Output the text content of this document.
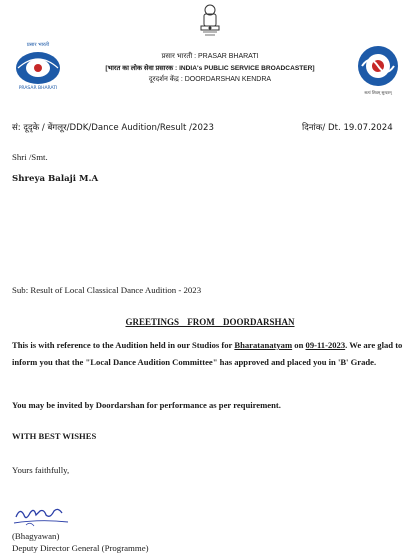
प्रसार भारती
PRASAR BHARATI
सत्यं शिवम् सुन्दरम्
प्रसार भारती : PRASAR BHARATI
[भारत का लोक सेवा प्रसारक : INDIA's PUBLIC SERVICE BROADCASTER]
दूरदर्शन केंद्र : DOORDARSHAN KENDRA
सं: दूदृके / बेंगलूर/DDK/Dance Audition/Result /2023	दिनांक/ Dt. 19.07.2024
Shri /Smt.
Shreya Balaji M.A
Sub: Result of Local Classical Dance Audition - 2023
GREETINGS FROM DOORDARSHAN
This is with reference to the Audition held in our Studios for Bharatanatyam on 09-11-2023. We are glad to inform you that the "Local Dance Audition Committee" has approved and placed you in 'B' Grade.
You may be invited by Doordarshan for performance as per requirement.
WITH BEST WISHES
Yours faithfully,
(Bhagyawan)
Deputy Director General (Programme)
